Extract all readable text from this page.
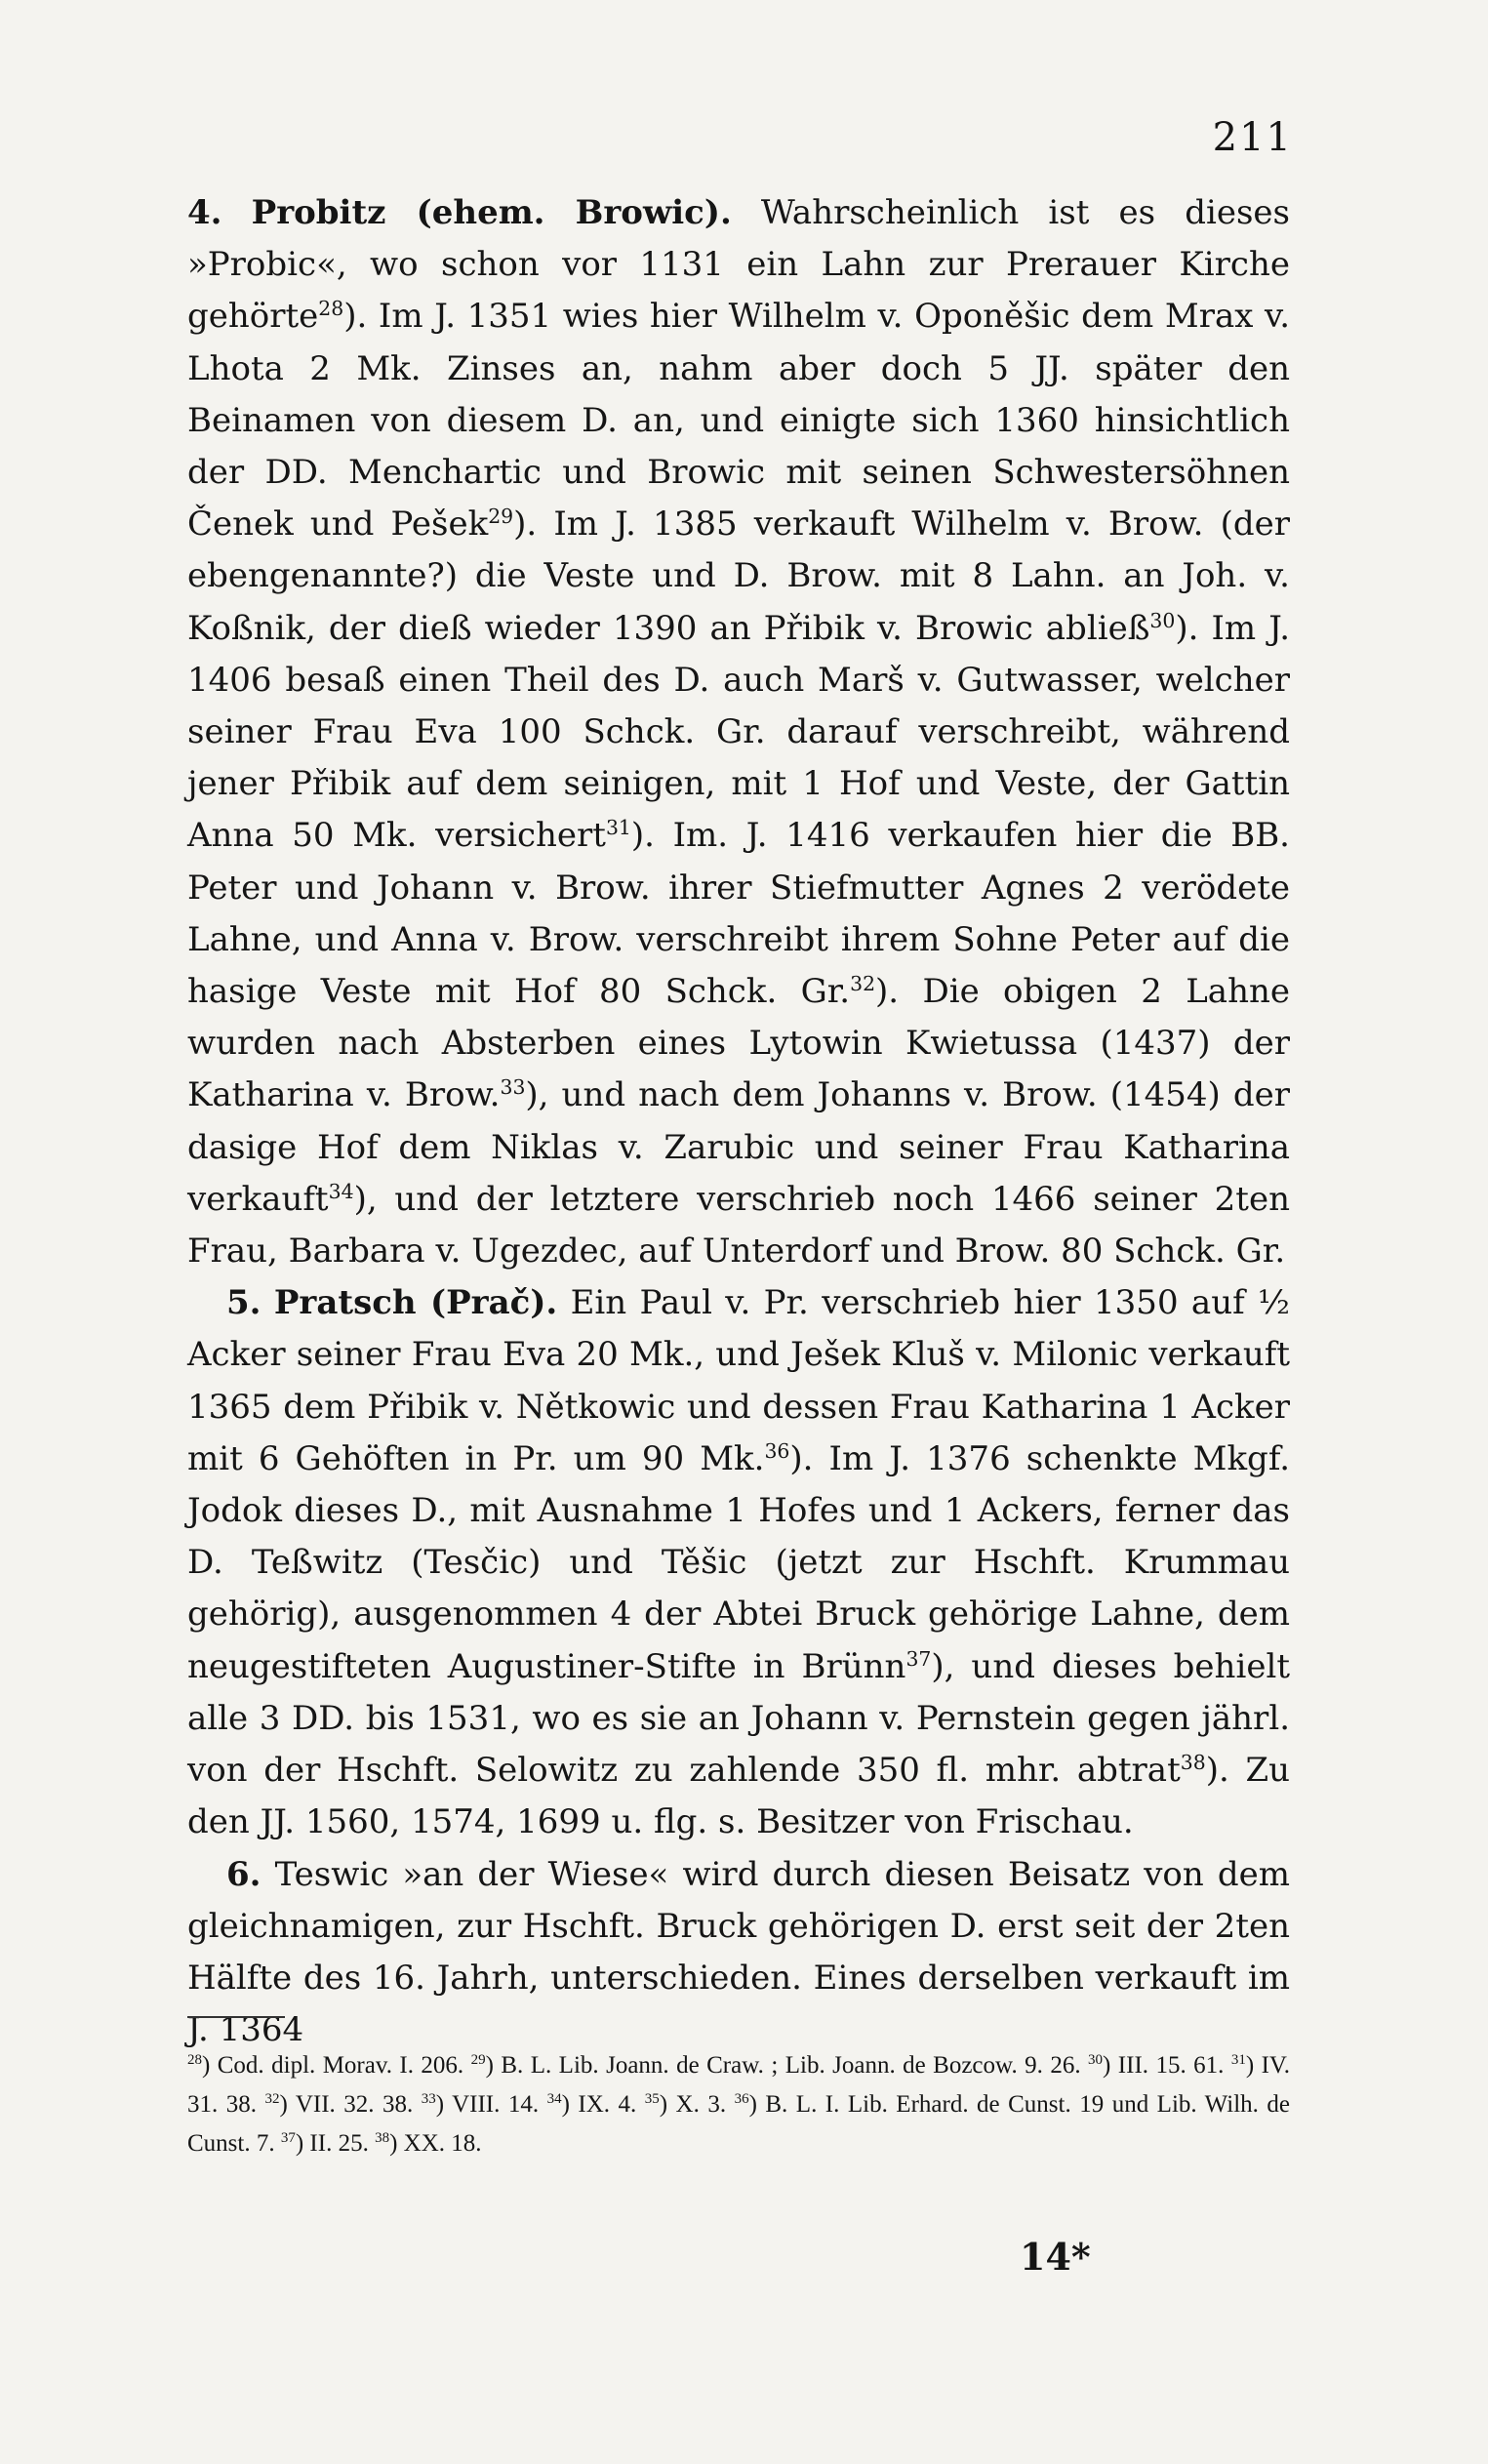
211

4. Probitz (ehem. Browic). Wahrscheinlich ist es dieses »Probic«, wo schon vor 1131 ein Lahn zur Prerauer Kirche gehörte$^{28}$). Im J. 1351 wies hier Wilhelm v. Oponěšic dem Mrax v. Lhota 2 Mk. Zinses an, nahm aber doch 5 JJ. später den Beinamen von diesem D. an, und einigte sich 1360 hinsichtlich der DD. Menchartic und Browic mit seinen Schwestersöhnen Čenek und Pešek$^{29}$). Im J. 1385 verkauft Wilhelm v. Brow. (der ebengenannte?) die Veste und D. Brow. mit 8 Lahn. an Joh. v. Koßnik, der dieß wieder 1390 an Přibik v. Browic abließ$^{30}$). Im J. 1406 besaß einen Theil des D. auch Marš v. Gutwasser, welcher seiner Frau Eva 100 Schck. Gr. darauf verschreibt, während jener Přibik auf dem seinigen, mit 1 Hof und Veste, der Gattin Anna 50 Mk. versichert$^{31}$). Im. J. 1416 verkaufen hier die BB. Peter und Johann v. Brow. ihrer Stiefmutter Agnes 2 verödete Lahne, und Anna v. Brow. verschreibt ihrem Sohne Peter auf die hasige Veste mit Hof 80 Schck. Gr.$^{32}$). Die obigen 2 Lahne wurden nach Absterben eines Lytowin Kwietussa (1437) der Katharina v. Brow.$^{33}$), und nach dem Johanns v. Brow. (1454) der dasige Hof dem Niklas v. Zarubic und seiner Frau Katharina verkauft$^{34}$), und der letztere verschrieb noch 1466 seiner 2ten Frau, Barbara v. Ugezdec, auf Unterdorf und Brow. 80 Schck. Gr.

5. Pratsch (Prač). Ein Paul v. Pr. verschrieb hier 1350 auf ½ Acker seiner Frau Eva 20 Mk., und Ješek Kluš v. Milonic verkauft 1365 dem Přibik v. Nětkowic und dessen Frau Katharina 1 Acker mit 6 Gehöften in Pr. um 90 Mk.$^{36}$). Im J. 1376 schenkte Mkgf. Jodok dieses D., mit Ausnahme 1 Hofes und 1 Ackers, ferner das D. Teßwitz (Tesčic) und Těšic (jetzt zur Hschft. Krummau gehörig), ausgenommen 4 der Abtei Bruck gehörige Lahne, dem neugestifteten Augustiner-Stifte in Brünn$^{37}$), und dieses behielt alle 3 DD. bis 1531, wo es sie an Johann v. Pernstein gegen jährl. von der Hschft. Selowitz zu zahlende 350 fl. mhr. abtrat$^{38}$). Zu den JJ. 1560, 1574, 1699 u. flg. s. Besitzer von Frischau.

6. Teswic »an der Wiese« wird durch diesen Beisatz von dem gleichnamigen, zur Hschft. Bruck gehörigen D. erst seit der 2ten Hälfte des 16. Jahrh, unterschieden. Eines derselben verkauft im J. 1364

$^{28}$) Cod. dipl. Morav. I. 206. $^{29}$) B. L. Lib. Joann. de Craw. ; Lib. Joann. de Bozcow. 9. 26. $^{30}$) III. 15. 61. $^{31}$) IV. 31. 38. $^{32}$) VII. 32. 38. $^{33}$) VIII. 14. $^{34}$) IX. 4. $^{35}$) X. 3. $^{36}$) B. L. I. Lib. Erhard. de Cunst. 19 und Lib. Wilh. de Cunst. 7. $^{37}$) II. 25. $^{38}$) XX. 18.

14*
